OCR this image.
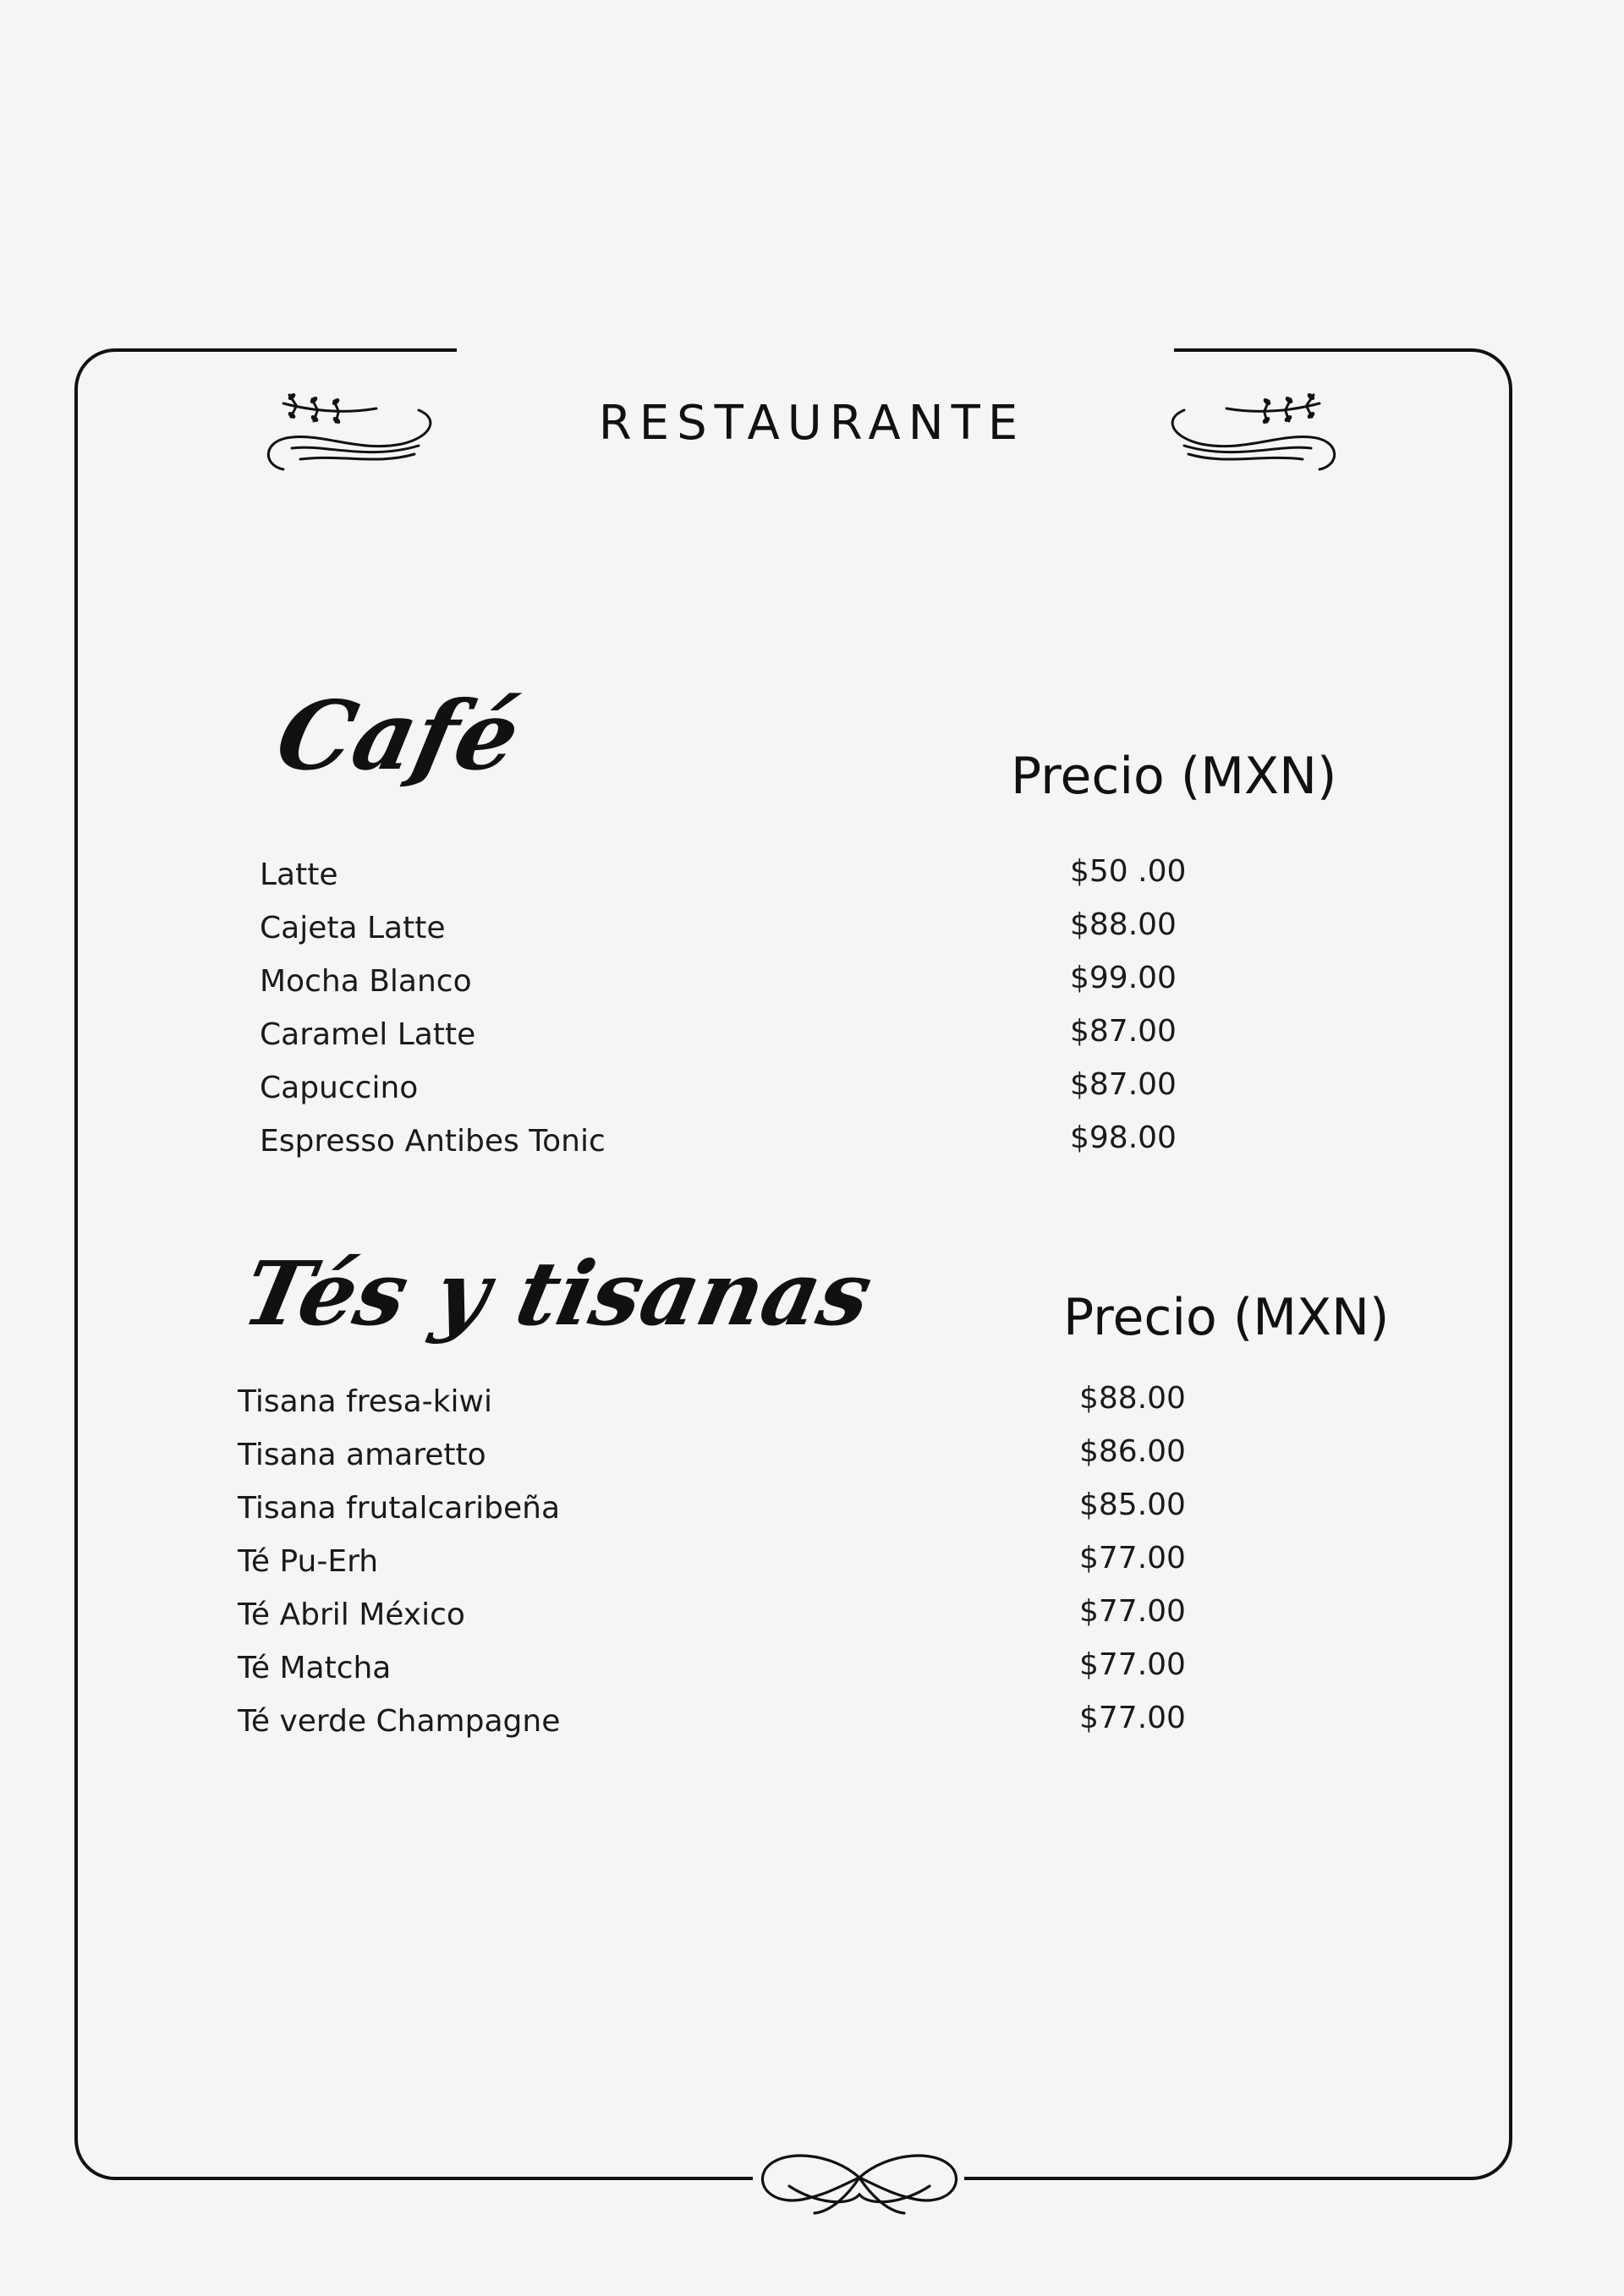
RESTAURANTE
Café	Precio (MXN)
Latte	$50 .00
Cajeta Latte	$88.00
Mocha Blanco	$99.00
Caramel Latte	$87.00
Capuccino	$87.00
Espresso Antibes Tonic	$98.00
Tés y tisanas	Precio (MXN)
Tisana fresa-kiwi	$88.00
Tisana amaretto	$86.00
Tisana frutalcaribeña	$85.00
Té Pu-Erh	$77.00
Té Abril México	$77.00
Té Matcha	$77.00
Té verde Champagne	$77.00
